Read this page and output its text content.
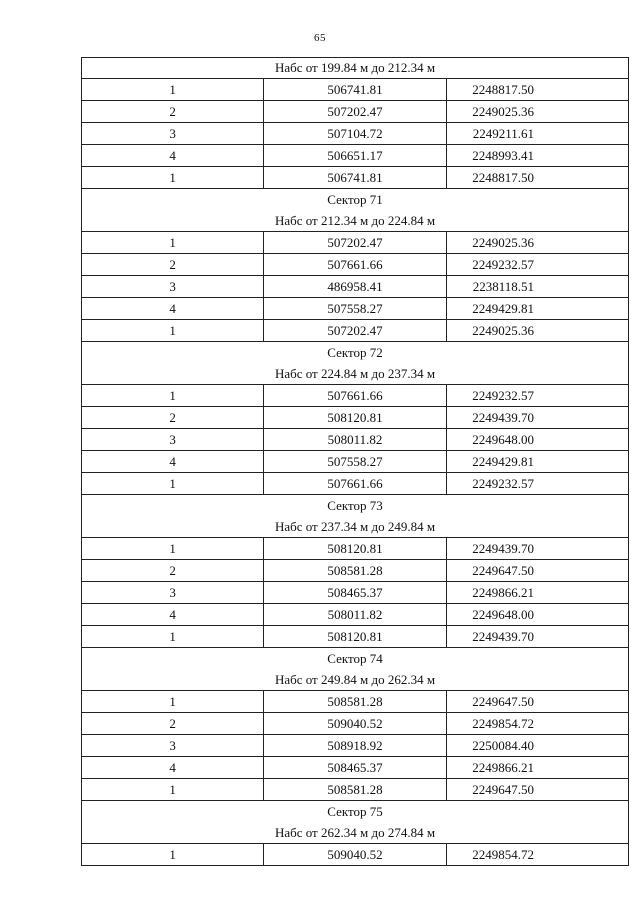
65
Набс от 199.84 м до 212.34 м		

1	506741.81	2248817.50
2	507202.47	2249025.36
3	507104.72	2249211.61
4	506651.17	2248993.41
1	506741.81	2248817.50

Сектор 71
Набс от 212.34 м до 224.84 м		

1	507202.47	2249025.36
2	507661.66	2249232.57
3	486958.41	2238118.51
4	507558.27	2249429.81
1	507202.47	2249025.36

Сектор 72
Набс от 224.84 м до 237.34 м		

1	507661.66	2249232.57
2	508120.81	2249439.70
3	508011.82	2249648.00
4	507558.27	2249429.81
1	507661.66	2249232.57

Сектор 73
Набс от 237.34 м до 249.84 м		

1	508120.81	2249439.70
2	508581.28	2249647.50
3	508465.37	2249866.21
4	508011.82	2249648.00
1	508120.81	2249439.70

Сектор 74
Набс от 249.84 м до 262.34 м		

1	508581.28	2249647.50
2	509040.52	2249854.72
3	508918.92	2250084.40
4	508465.37	2249866.21
1	508581.28	2249647.50

Сектор 75
Набс от 262.34 м до 274.84 м		

1	509040.52	2249854.72
